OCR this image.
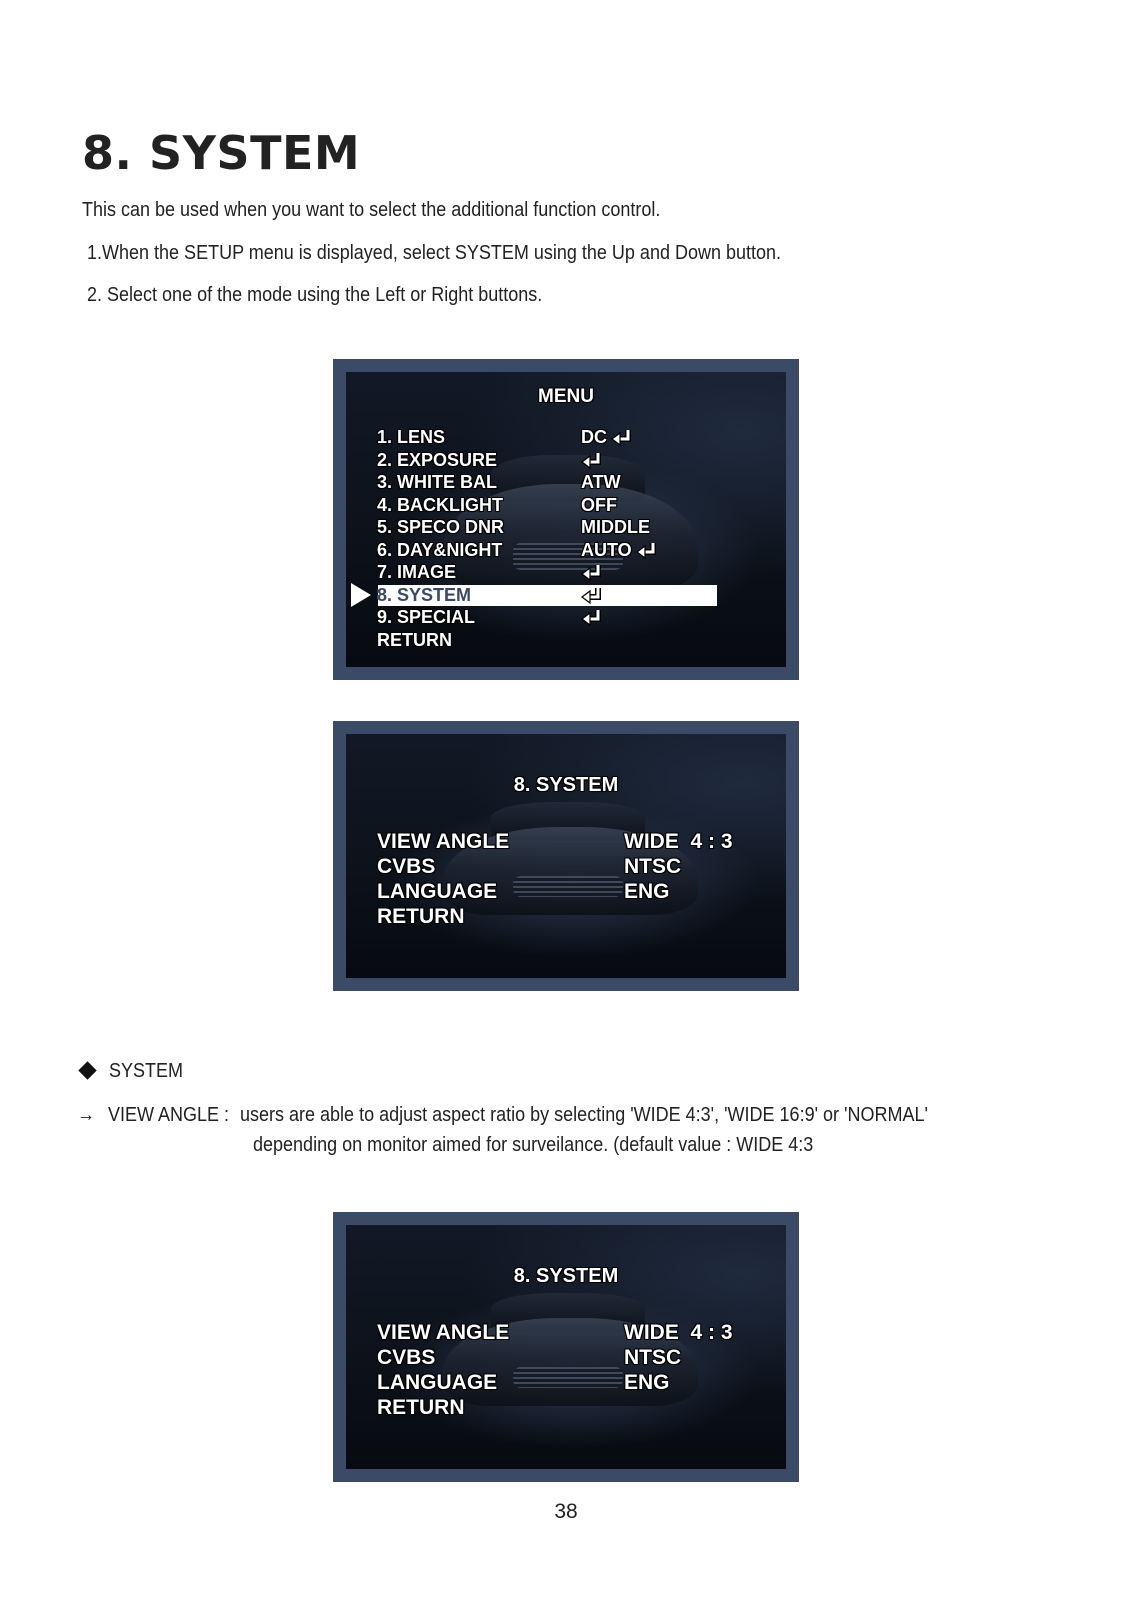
8. SYSTEM
This can be used when you want to select the additional function control.
1.When the SETUP menu is displayed, select SYSTEM using the Up and Down button.
2. Select one of the mode using the Left or Right buttons.
MENU
1. LENS	DC
2. EXPOSURE
3. WHITE BAL	ATW
4. BACKLIGHT	OFF
5. SPECO DNR	MIDDLE
6. DAY&NIGHT	AUTO
7. IMAGE
8. SYSTEM
9. SPECIAL
RETURN
8. SYSTEM
VIEW ANGLE	WIDE  4 : 3
CVBS	NTSC
LANGUAGE	ENG
RETURN
SYSTEM
→ VIEW ANGLE : users are able to adjust aspect ratio by selecting 'WIDE 4:3', 'WIDE 16:9' or 'NORMAL'
depending on monitor aimed for surveilance. (default value : WIDE 4:3
8. SYSTEM
VIEW ANGLE	WIDE  4 : 3
CVBS	NTSC
LANGUAGE	ENG
RETURN
38
